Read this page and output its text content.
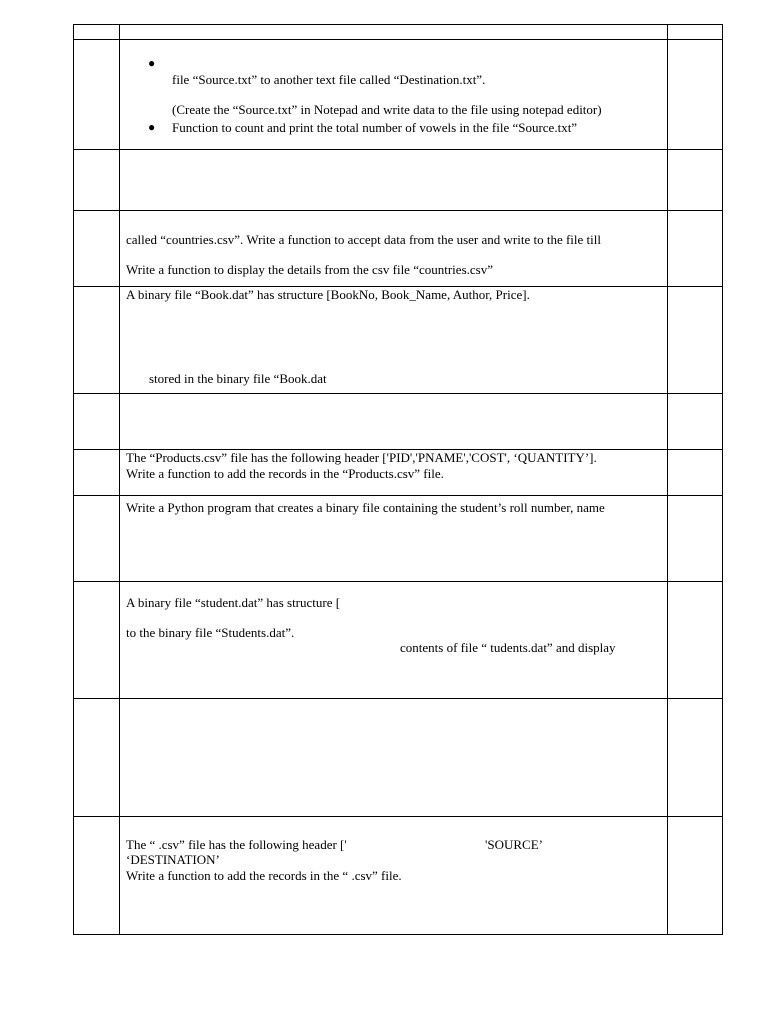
●
file “Source.txt” to another text file called “Destination.txt”.
(Create the “Source.txt” in Notepad and write data to the file using notepad editor)
● Function to count and print the total number of vowels in the file “Source.txt”
called “countries.csv”. Write a function to accept data from the user and write to the file till
Write a function to display the details from the csv file “countries.csv”
A binary file “Book.dat” has structure [BookNo, Book_Name, Author, Price].
stored in the binary file “Book.dat
The “Products.csv” file has the following header ['PID','PNAME','COST', ‘QUANTITY’].
Write a function to add the records in the “Products.csv” file.
Write a Python program that creates a binary file containing the student’s roll number, name
A binary file “student.dat” has structure [
to the binary file “Students.dat”.
contents of file “ tudents.dat” and display
The “ .csv” file has the following header ['	'SOURCE’
‘DESTINATION’
Write a function to add the records in the “ .csv” file.
